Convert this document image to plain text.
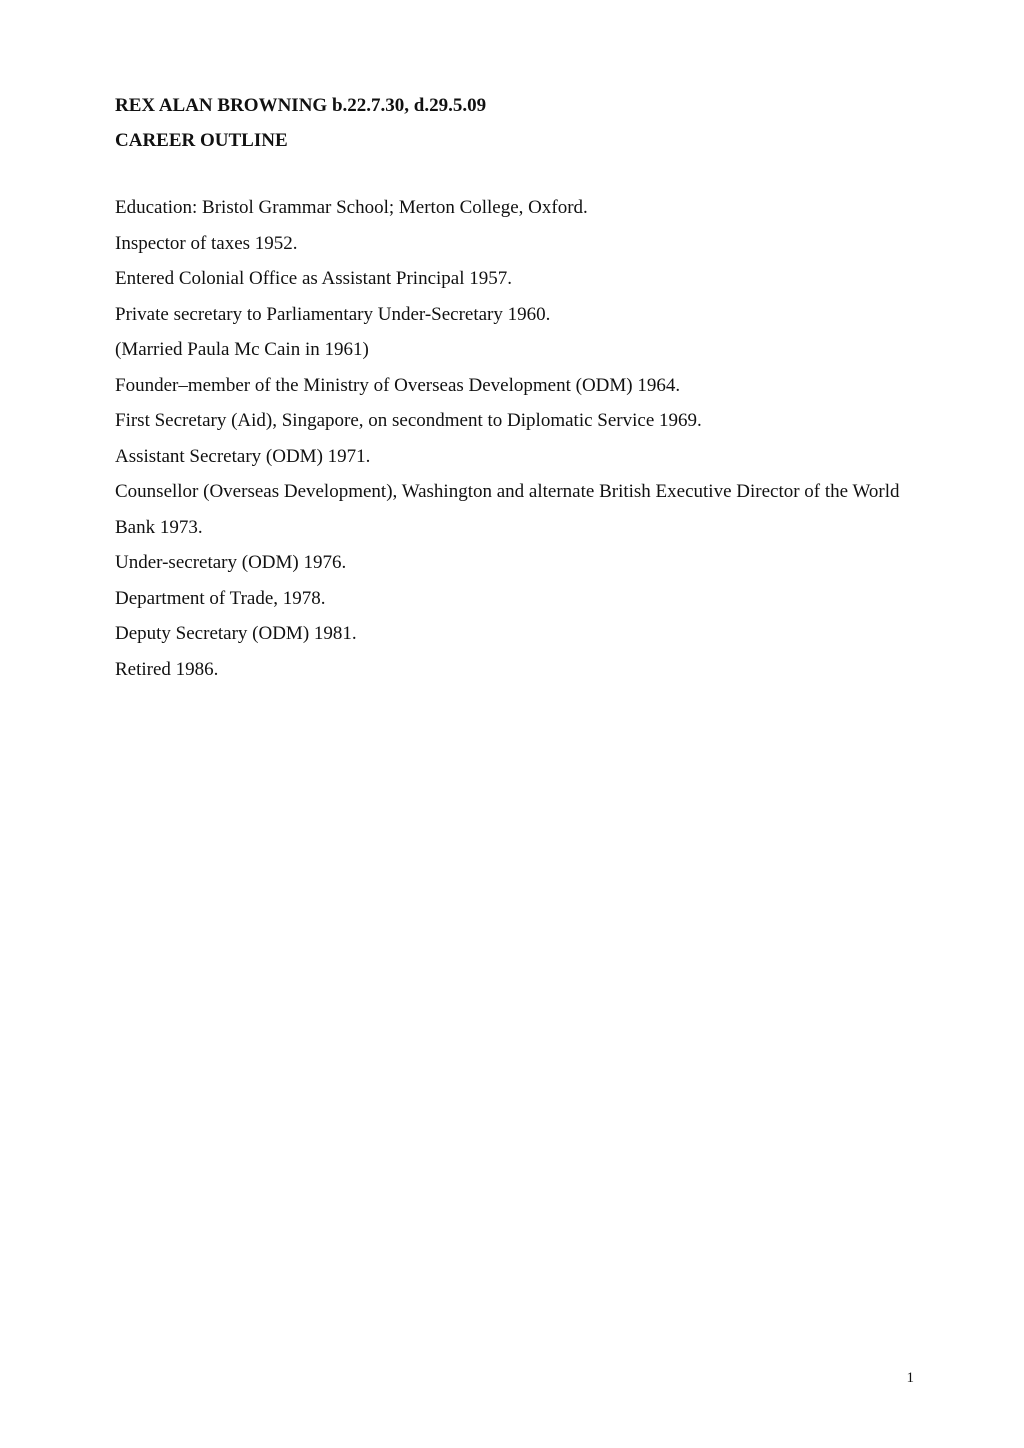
REX ALAN BROWNING b.22.7.30, d.29.5.09
CAREER OUTLINE

Education: Bristol Grammar School; Merton College, Oxford.

Inspector of taxes 1952.

Entered Colonial Office as Assistant Principal 1957.

Private secretary to Parliamentary Under-Secretary 1960.

(Married Paula Mc Cain in 1961)

Founder–member of the Ministry of Overseas Development (ODM) 1964.

First Secretary (Aid), Singapore, on secondment to Diplomatic Service 1969.

Assistant Secretary (ODM) 1971.

Counsellor (Overseas Development), Washington and alternate British Executive Director of the World Bank 1973.

Under-secretary (ODM) 1976.

Department of Trade, 1978.

Deputy Secretary (ODM) 1981.

Retired 1986.

1
